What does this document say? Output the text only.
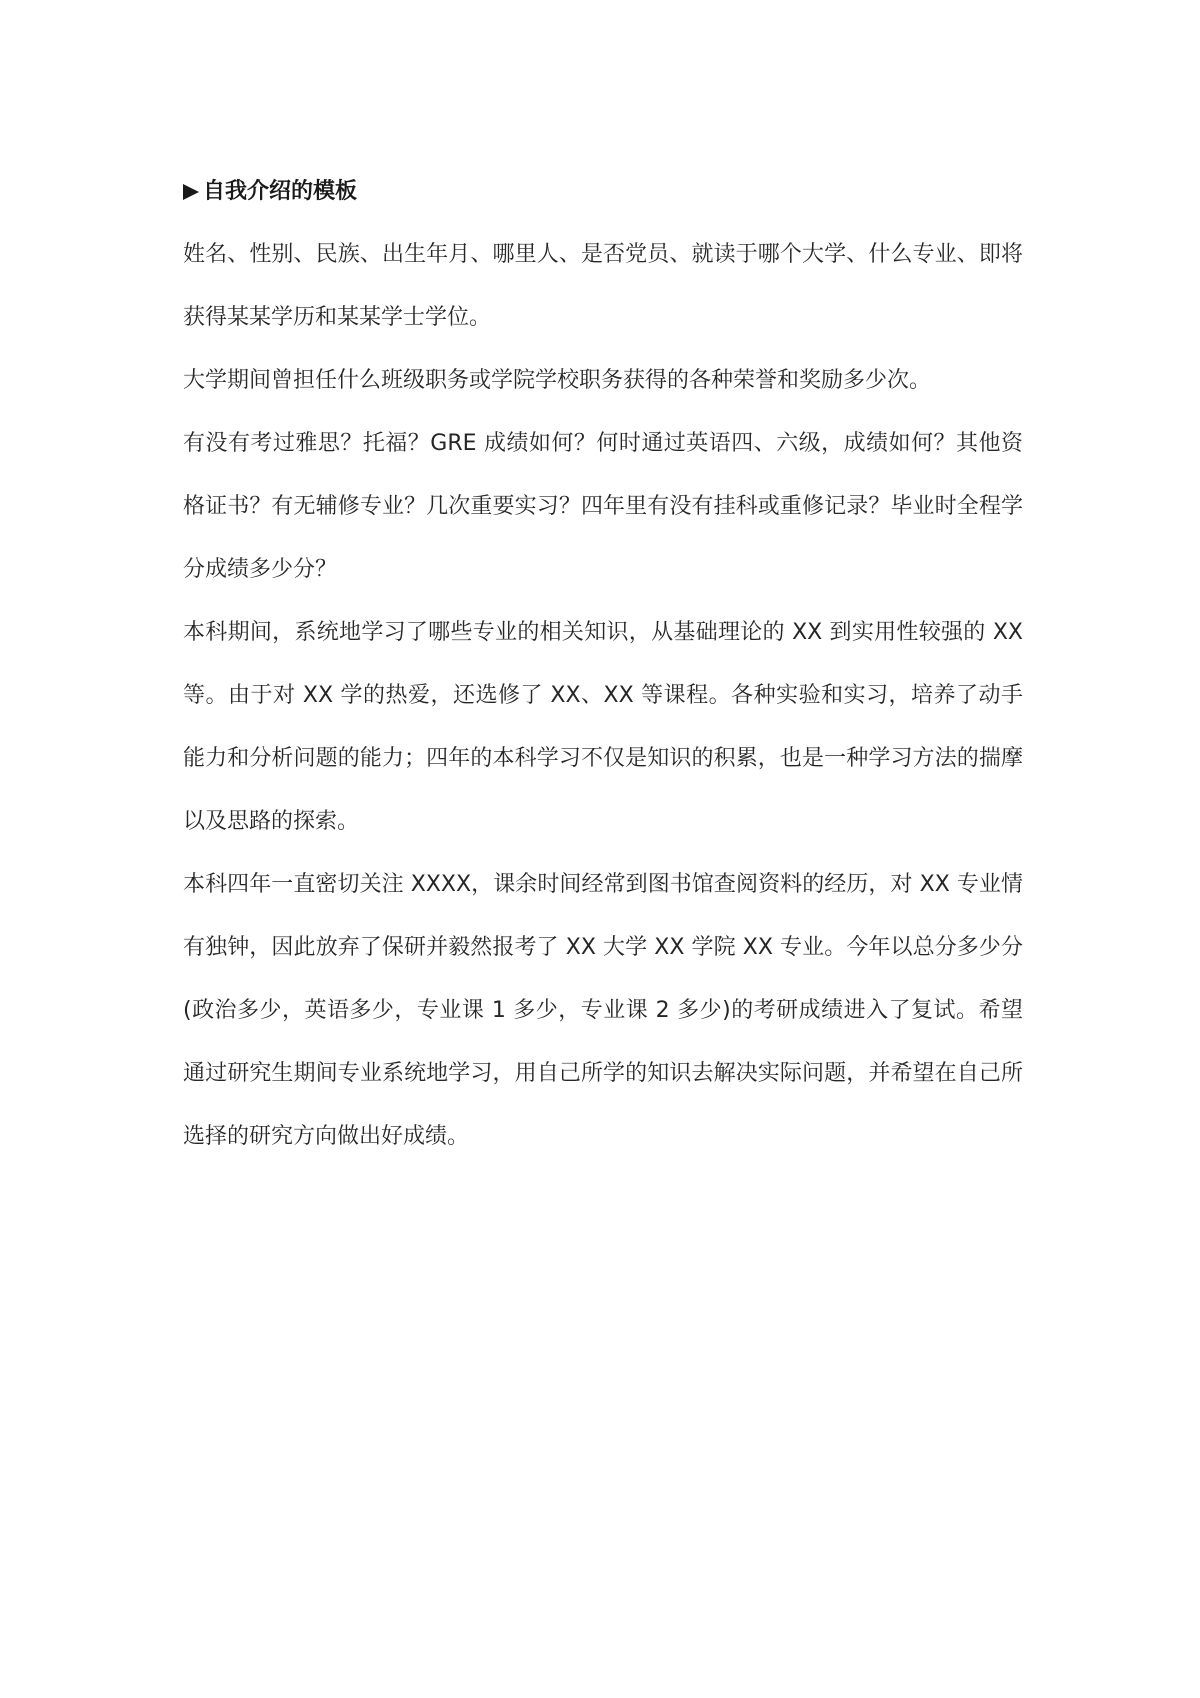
自我介绍的模板

姓名、性别、民族、出生年月、哪里人、是否党员、就读于哪个大学、什么专业、即将获得某某学历和某某学士学位。

大学期间曾担任什么班级职务或学院学校职务获得的各种荣誉和奖励多少次。

有没有考过雅思？托福？GRE 成绩如何？何时通过英语四、六级，成绩如何？其他资格证书？有无辅修专业？几次重要实习？四年里有没有挂科或重修记录？毕业时全程学分成绩多少分？

本科期间，系统地学习了哪些专业的相关知识，从基础理论的 XX 到实用性较强的 XX 等。由于对 XX 学的热爱，还选修了 XX、XX 等课程。各种实验和实习，培养了动手能力和分析问题的能力；四年的本科学习不仅是知识的积累，也是一种学习方法的揣摩以及思路的探索。

本科四年一直密切关注 XXXX，课余时间经常到图书馆查阅资料的经历，对 XX 专业情有独钟，因此放弃了保研并毅然报考了 XX 大学 XX 学院 XX 专业。今年以总分多少分(政治多少，英语多少，专业课 1 多少，专业课 2 多少)的考研成绩进入了复试。希望通过研究生期间专业系统地学习，用自己所学的知识去解决实际问题，并希望在自己所选择的研究方向做出好成绩。
